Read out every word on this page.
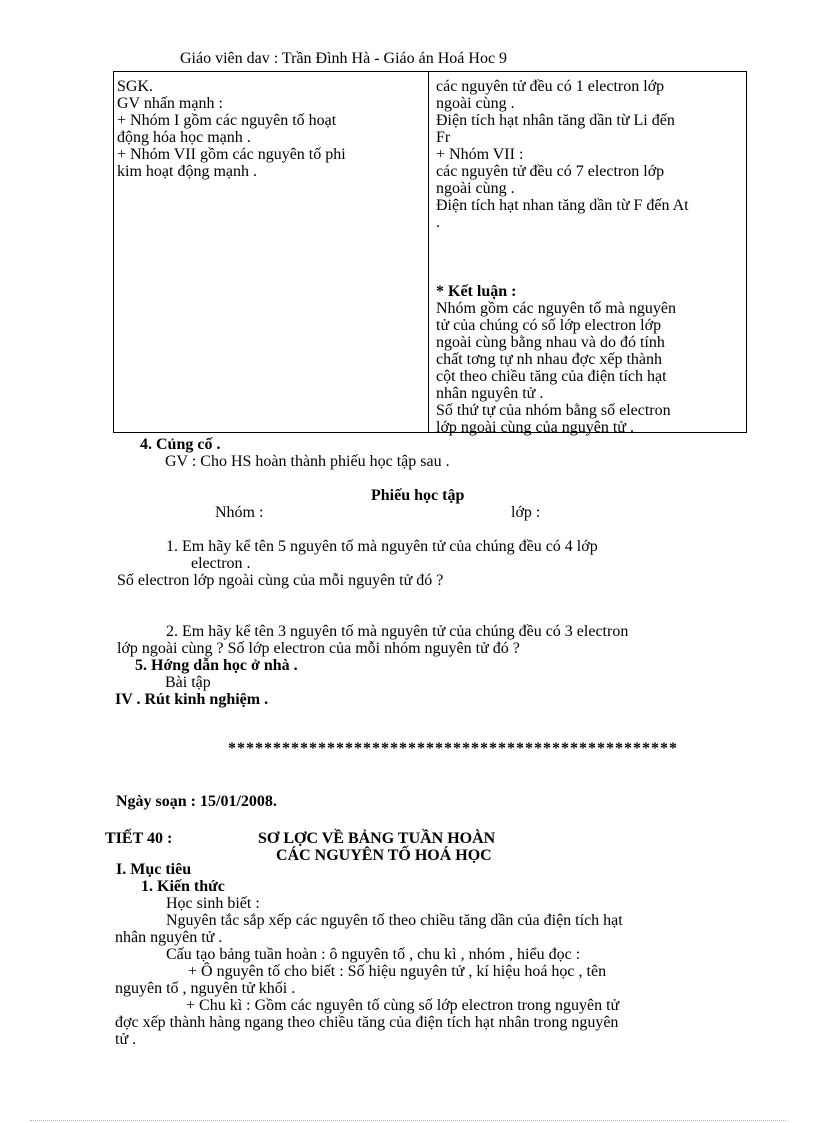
Giáo viên dav : Trần Đình Hà - Giáo án Hoá Hoc 9
SGK.
GV nhấn mạnh :
+ Nhóm I gồm các nguyên tố hoạt
động hóa học mạnh .
+ Nhóm VII gồm các nguyên tố phi
kim hoạt động mạnh .
các nguyên tử đều có 1 electron lớp
ngoài cùng .
Điện tích hạt nhân tăng dần từ Li đến
Fr
+ Nhóm VII :
các nguyên tử đều có 7 electron lớp
ngoài cùng .
Điện tích hạt nhan tăng dần từ F đến At
.
* Kết luận :
Nhóm gồm các nguyên tố mà nguyên
tử của chúng có số lớp electron lớp
ngoài cùng bằng nhau và do đó tính
chất tơng tự nh nhau đợc xếp thành
cột theo chiều tăng của điện tích hạt
nhân nguyên tử .
Số thứ tự của nhóm bằng số electron
lớp ngoài cùng của nguyên tử .
4. Củng cố .
GV : Cho HS hoàn thành phiếu học tập sau .
Phiếu học tập
Nhóm :	lớp :
1. Em hãy kể tên 5 nguyên tố mà nguyên tử của chúng đều có 4 lớp
electron .
Số electron lớp ngoài cùng của mỗi nguyên tử đó ?
2. Em hãy kể tên 3 nguyên tố mà nguyên tử của chúng đều có 3 electron
lớp ngoài cùng ? Số lớp electron của mỗi nhóm nguyên tử đó ?
5. Hớng dẫn học ở nhà .
Bài tập
IV . Rút kinh nghiệm .
**************************************************
Ngày soạn : 15/01/2008.
TIẾT 40 :	SƠ LỢC VỀ BẢNG TUẦN HOÀN
CÁC NGUYÊN TỐ HOÁ HỌC
I. Mục tiêu
1. Kiến thức
Học sinh biết :
Nguyên tắc sắp xếp các nguyên tố theo chiều tăng dần của điện tích hạt
nhân nguyên tử .
Cấu tạo bảng tuần hoàn : ô nguyên tố , chu kì , nhóm , hiểu đọc :
+ Ô nguyên tố cho biết : Số hiệu nguyên tử , kí hiệu hoá học , tên
nguyên tố , nguyên tử khối .
+ Chu kì : Gồm các nguyên tố cùng số lớp electron trong nguyên tử
đợc xếp thành hàng ngang theo chiều tăng của điện tích hạt nhân trong nguyên
tử .
